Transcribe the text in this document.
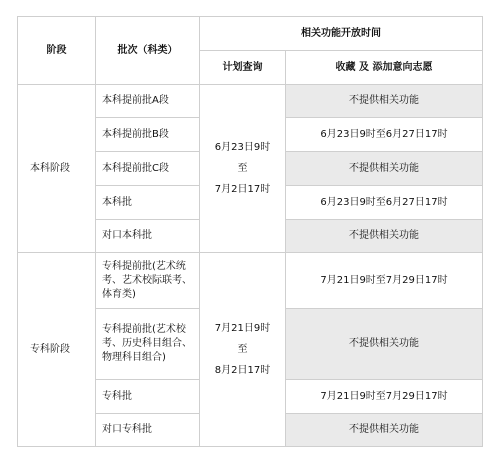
阶段	批次（科类）	相关功能开放时间	
		计划查询	收藏 及 添加意向志愿
本科阶段	本科提前批A段	6月23日9时
至
7月2日17时	不提供相关功能

	本科提前批B段		6月23日9时至6月27日17时

	本科提前批C段		不提供相关功能

	本科批		6月23日9时至6月27日17时

	对口本科批		不提供相关功能
专科阶段	专科提前批(艺术统
考、艺术校际联考、
体育类)	7月21日9时
至
8月2日17时	7月21日9时至7月29日17时

	专科提前批(艺术校
考、历史科目组合、
物理科目组合)		不提供相关功能

	专科批		7月21日9时至7月29日17时

	对口专科批		不提供相关功能
